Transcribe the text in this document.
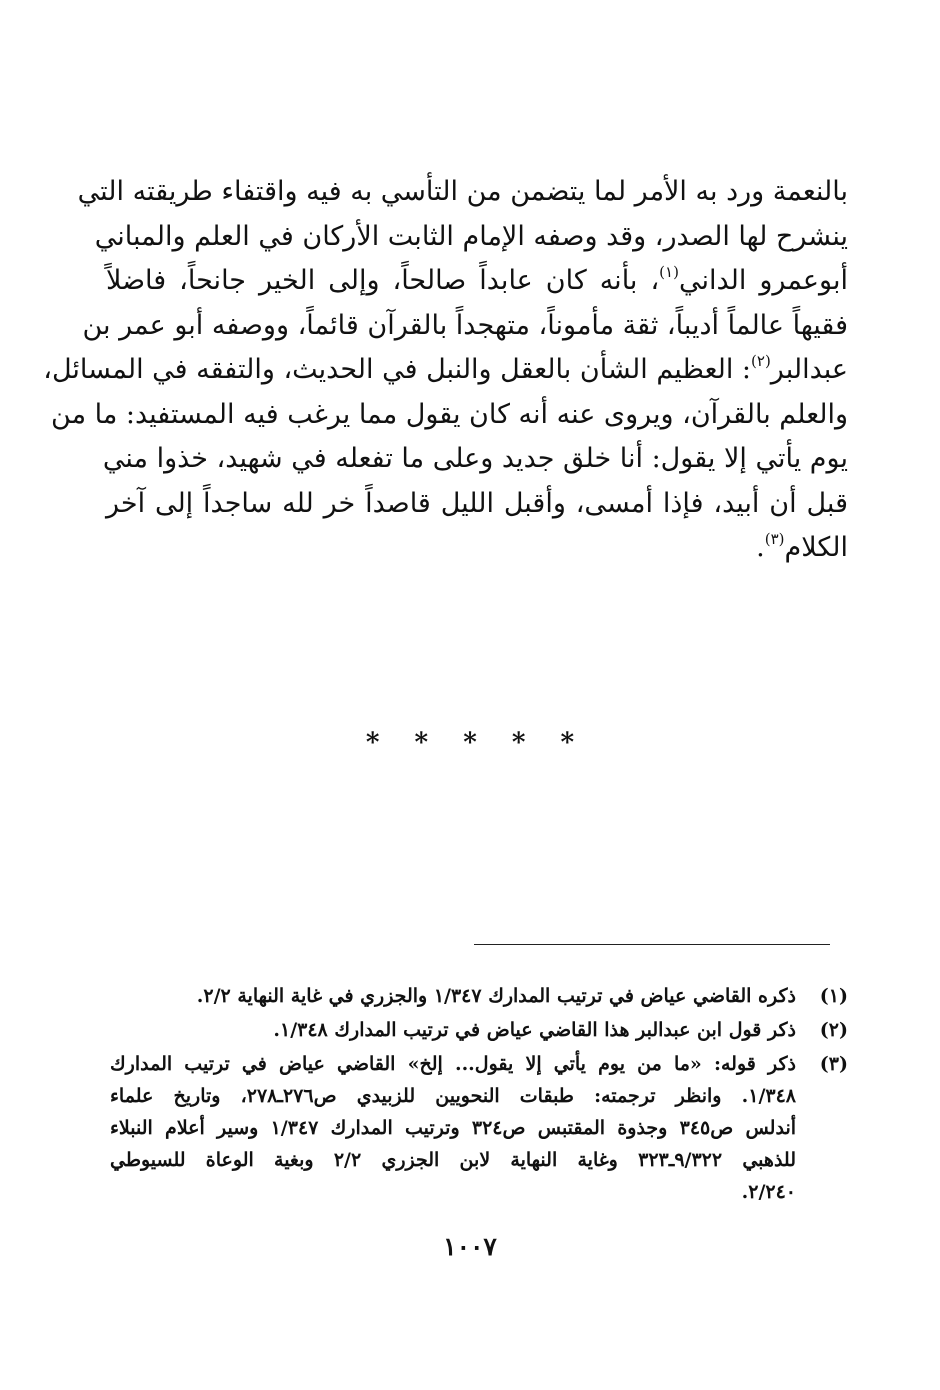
بالنعمة ورد به الأمر لما يتضمن من التأسي به فيه واقتفاء طريقته التي
ينشرح لها الصدر، وقد وصفه الإمام الثابت الأركان في العلم والمباني
أبوعمرو الداني$^{(١)}$، بأنه كان عابداً صالحاً، وإلى الخير جانحاً، فاضلاً
فقيهاً عالماً أديباً، ثقة مأموناً، متهجداً بالقرآن قائماً، ووصفه أبو عمر بن
عبدالبر$^{(٢)}$: العظيم الشأن بالعقل والنبل في الحديث، والتفقه في المسائل،
والعلم بالقرآن، ويروى عنه أنه كان يقول مما يرغب فيه المستفيد: ما من
يوم يأتي إلا يقول: أنا خلق جديد وعلى ما تفعله في شهيد، خذوا مني
قبل أن أبيد، فإذا أمسى، وأقبل الليل قاصداً خر لله ساجداً إلى آخر
الكلام$^{(٣)}$.
* * * * *
(١)
ذكره القاضي عياض في ترتيب المدارك ١/٣٤٧ والجزري في غاية النهاية ٢/٢.
(٢)
ذكر قول ابن عبدالبر هذا القاضي عياض في ترتيب المدارك ١/٣٤٨.
(٣)
ذكر قوله: «ما من يوم يأتي إلا يقول... إلخ» القاضي عياض في ترتيب المدارك
١/٣٤٨. وانظر ترجمته: طبقات النحويين للزبيدي ص٢٧٦ـ٢٧٨، وتاريخ علماء
أندلس ص٣٤٥ وجذوة المقتبس ص٣٢٤ وترتيب المدارك ١/٣٤٧ وسير أعلام النبلاء
للذهبي ٩/٣٢٢ـ٣٢٣ وغاية النهاية لابن الجزري ٢/٢ وبغية الوعاة للسيوطي
٢/٢٤٠.
١٠٠٧
